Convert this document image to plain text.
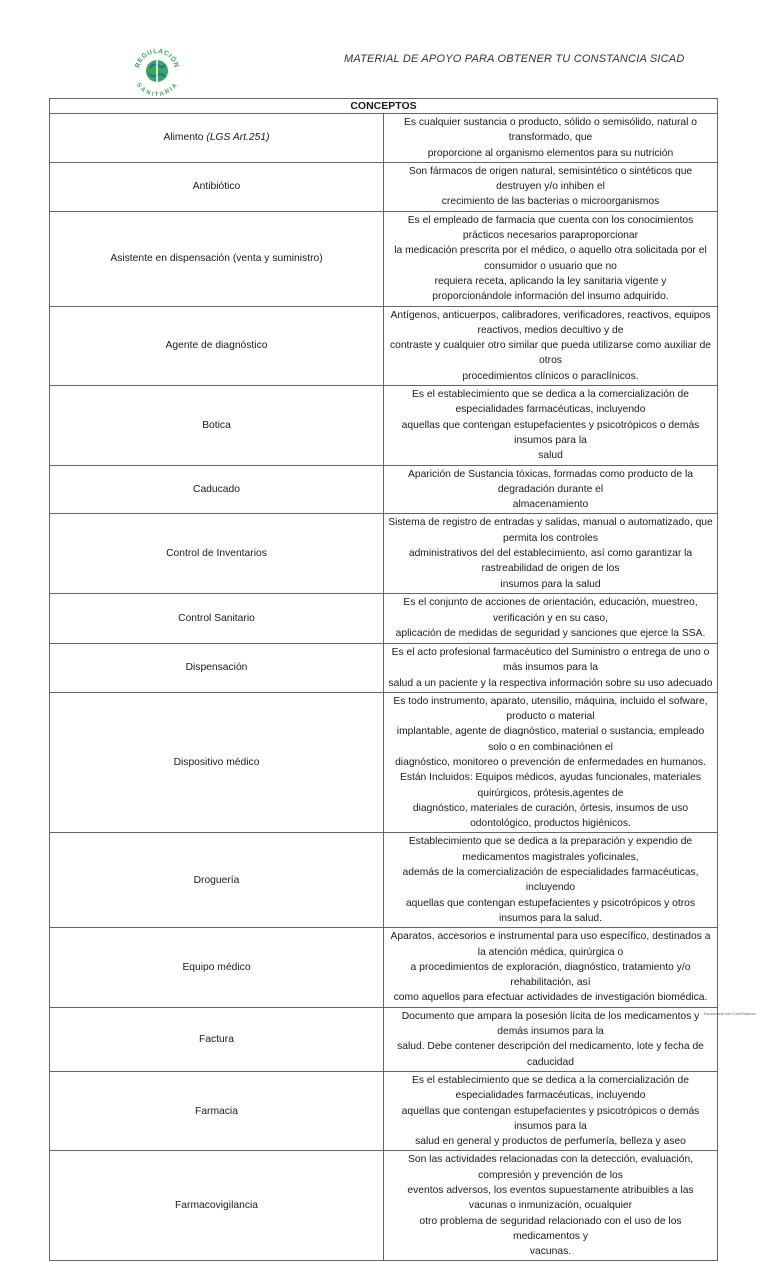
REGULACIÓN
SANITARIA
MATERIAL DE APOYO PARA OBTENER TU CONSTANCIA SICAD
CONCEPTOS	
Alimento (LGS Art.251)	Es cualquier sustancia o producto, sólido o semisólido, natural o transformado, que
proporcione al organismo elementos para su nutrición

Antibiótico	Son fármacos de origen natural, semisintético o sintéticos que destruyen y/o inhiben el
crecimiento de las bacterias o microorganismos

Asistente en dispensación (venta y suministro)	Es el empleado de farmacia que cuenta con los conocimientos prácticos necesarios paraproporcionar
la medicación prescrita por el médico, o aquello otra solicitada por el consumidor o usuario que no
requiera receta, aplicando la ley sanitaria vigente y
proporcionándole información del insumo adquirido.

Agente de diagnóstico	Antígenos, anticuerpos, calibradores, verificadores, reactivos, equipos reactivos, medios decultivo y de
contraste y cualquier otro similar que pueda utilizarse como auxiliar de otros
procedimientos clínicos o paraclínicos.

Botica	Es el establecimiento que se dedica a la comercialización de especialidades farmacéuticas, incluyendo
aquellas que contengan estupefacientes y psicotrópicos o demás insumos para la
salud

Caducado	Aparición de Sustancia tóxicas, formadas como producto de la degradación durante el
almacenamiento

Control de Inventarios	Sistema de registro de entradas y salidas, manual o automatizado, que permita los controles
administrativos del del establecimiento, así como garantizar la rastreabilidad de origen de los
insumos para la salud

Control Sanitario	Es el conjunto de acciones de orientación, educación, muestreo, verificación y en su caso,
aplicación de medidas de seguridad y sanciones que ejerce la SSA.

Dispensación	Es el acto profesional farmacéutico del Suministro o entrega de uno o más insumos para la
salud a un paciente y la respectiva información sobre su uso adecuado

Dispositivo médico	Es todo instrumento, aparato, utensilio, máquina, incluido el sofware, producto o material
implantable, agente de diagnóstico, material o sustancia, empleado solo o en combinaciónen el
diagnóstico, monitoreo o prevención de enfermedades en humanos.
Están Incluidos: Equipos médicos, ayudas funcionales, materiales quirúrgicos, prótesis,agentes de
diagnóstico, materiales de curación, órtesis, insumos de uso odontológico, productos higiénicos.

Droguería	Establecimiento que se dedica a la preparación y expendio de medicamentos magistrales yoficinales,
además de la comercialización de especialidades farmacéuticas, incluyendo
aquellas que contengan estupefacientes y psicotrópicos y otros insumos para la salud.

Equipo médico	Aparatos, accesorios e instrumental para uso específico, destinados a la atención médica, quirúrgica o
a procedimientos de exploración, diagnóstico, tratamiento y/o rehabilitación, así
como aquellos para efectuar actividades de investigación biomédica.

Factura	Documento que ampara la posesión lícita de los medicamentos y demás insumos para la
salud. Debe contener descripción del medicamento, lote y fecha de caducidad

Farmacia	Es el establecimiento que se dedica a la comercialización de especialidades farmacéuticas, incluyendo
aquellas que contengan estupefacientes y psicotrópicos o demás insumos para la
salud en general y productos de perfumería, belleza y aseo

Farmacovigilancia	Son las actividades relacionadas con la detección, evaluación, compresión y prevención de los
eventos adversos, los eventos supuestamente atribuibles a las vacunas o inmunización, ocualquier
otro problema de seguridad relacionado con el uso de los medicamentos y
vacunas.
Escaneado con CamScanner
